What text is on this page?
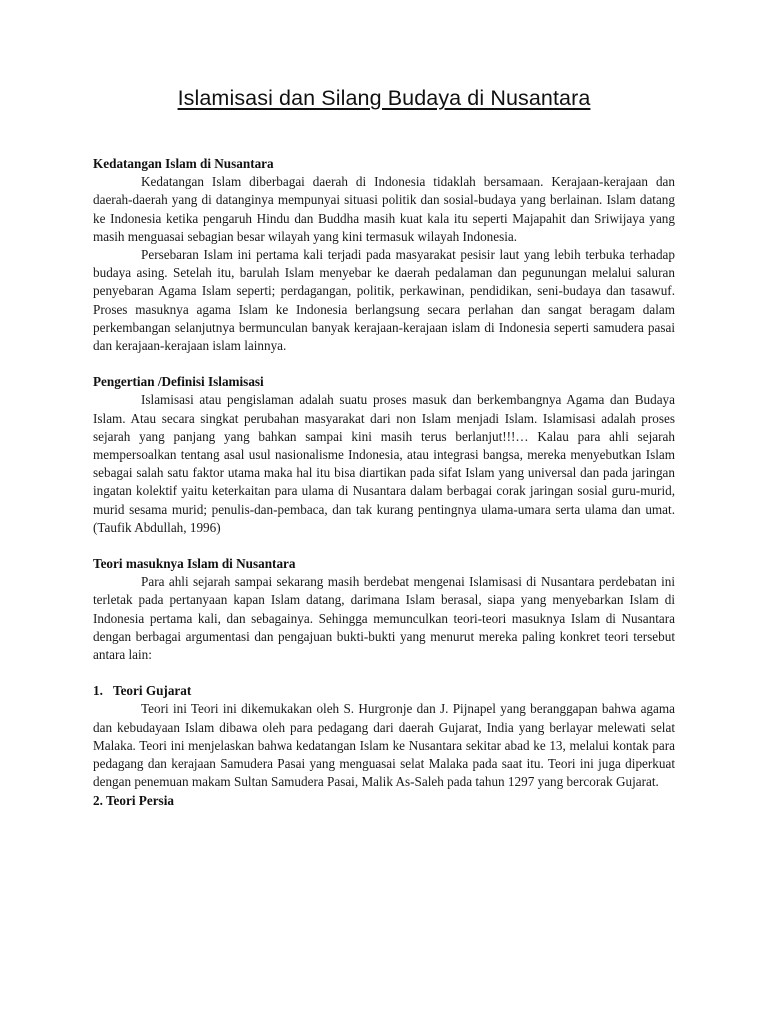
Islamisasi dan Silang Budaya di Nusantara

Kedatangan Islam di Nusantara

Kedatangan Islam diberbagai daerah di Indonesia tidaklah bersamaan. Kerajaan-kerajaan dan daerah-daerah yang di datanginya mempunyai situasi politik dan sosial-budaya yang berlainan. Islam datang ke Indonesia ketika pengaruh Hindu dan Buddha masih kuat kala itu seperti Majapahit dan Sriwijaya yang masih menguasai sebagian besar wilayah yang kini termasuk wilayah Indonesia.

Persebaran Islam ini pertama kali terjadi pada masyarakat pesisir laut yang lebih terbuka terhadap budaya asing. Setelah itu, barulah Islam menyebar ke daerah pedalaman dan pegunungan melalui saluran penyebaran Agama Islam seperti; perdagangan, politik, perkawinan, pendidikan, seni-budaya dan tasawuf. Proses masuknya agama Islam ke Indonesia berlangsung secara perlahan dan sangat beragam dalam perkembangan selanjutnya bermunculan banyak kerajaan-kerajaan islam di Indonesia seperti samudera pasai dan kerajaan-kerajaan islam lainnya.

Pengertian /Definisi Islamisasi

Islamisasi atau pengislaman adalah suatu proses masuk dan berkembangnya Agama dan Budaya Islam. Atau secara singkat perubahan masyarakat dari non Islam menjadi Islam. Islamisasi adalah proses sejarah yang panjang yang bahkan sampai kini masih terus berlanjut!!!… Kalau para ahli sejarah mempersoalkan tentang asal usul nasionalisme Indonesia, atau integrasi bangsa, mereka menyebutkan Islam sebagai salah satu faktor utama maka hal itu bisa diartikan pada sifat Islam yang universal dan pada jaringan ingatan kolektif yaitu keterkaitan para ulama di Nusantara dalam berbagai corak jaringan sosial guru-murid, murid sesama murid; penulis-dan-pembaca, dan tak kurang pentingnya ulama-umara serta ulama dan umat. (Taufik Abdullah, 1996)

Teori masuknya Islam di Nusantara

Para ahli sejarah sampai sekarang masih berdebat mengenai Islamisasi di Nusantara perdebatan ini terletak pada pertanyaan kapan Islam datang, darimana Islam berasal, siapa yang menyebarkan Islam di Indonesia pertama kali, dan sebagainya. Sehingga memunculkan teori-teori masuknya Islam di Nusantara dengan berbagai argumentasi dan pengajuan bukti-bukti yang menurut mereka paling konkret teori tersebut antara lain:

1. Teori Gujarat

Teori ini Teori ini dikemukakan oleh S. Hurgronje dan J. Pijnapel yang beranggapan bahwa agama dan kebudayaan Islam dibawa oleh para pedagang dari daerah Gujarat, India yang berlayar melewati selat Malaka. Teori ini menjelaskan bahwa kedatangan Islam ke Nusantara sekitar abad ke 13, melalui kontak para pedagang dan kerajaan Samudera Pasai yang menguasai selat Malaka pada saat itu. Teori ini juga diperkuat dengan penemuan makam Sultan Samudera Pasai, Malik As-Saleh pada tahun 1297 yang bercorak Gujarat.

2. Teori Persia
